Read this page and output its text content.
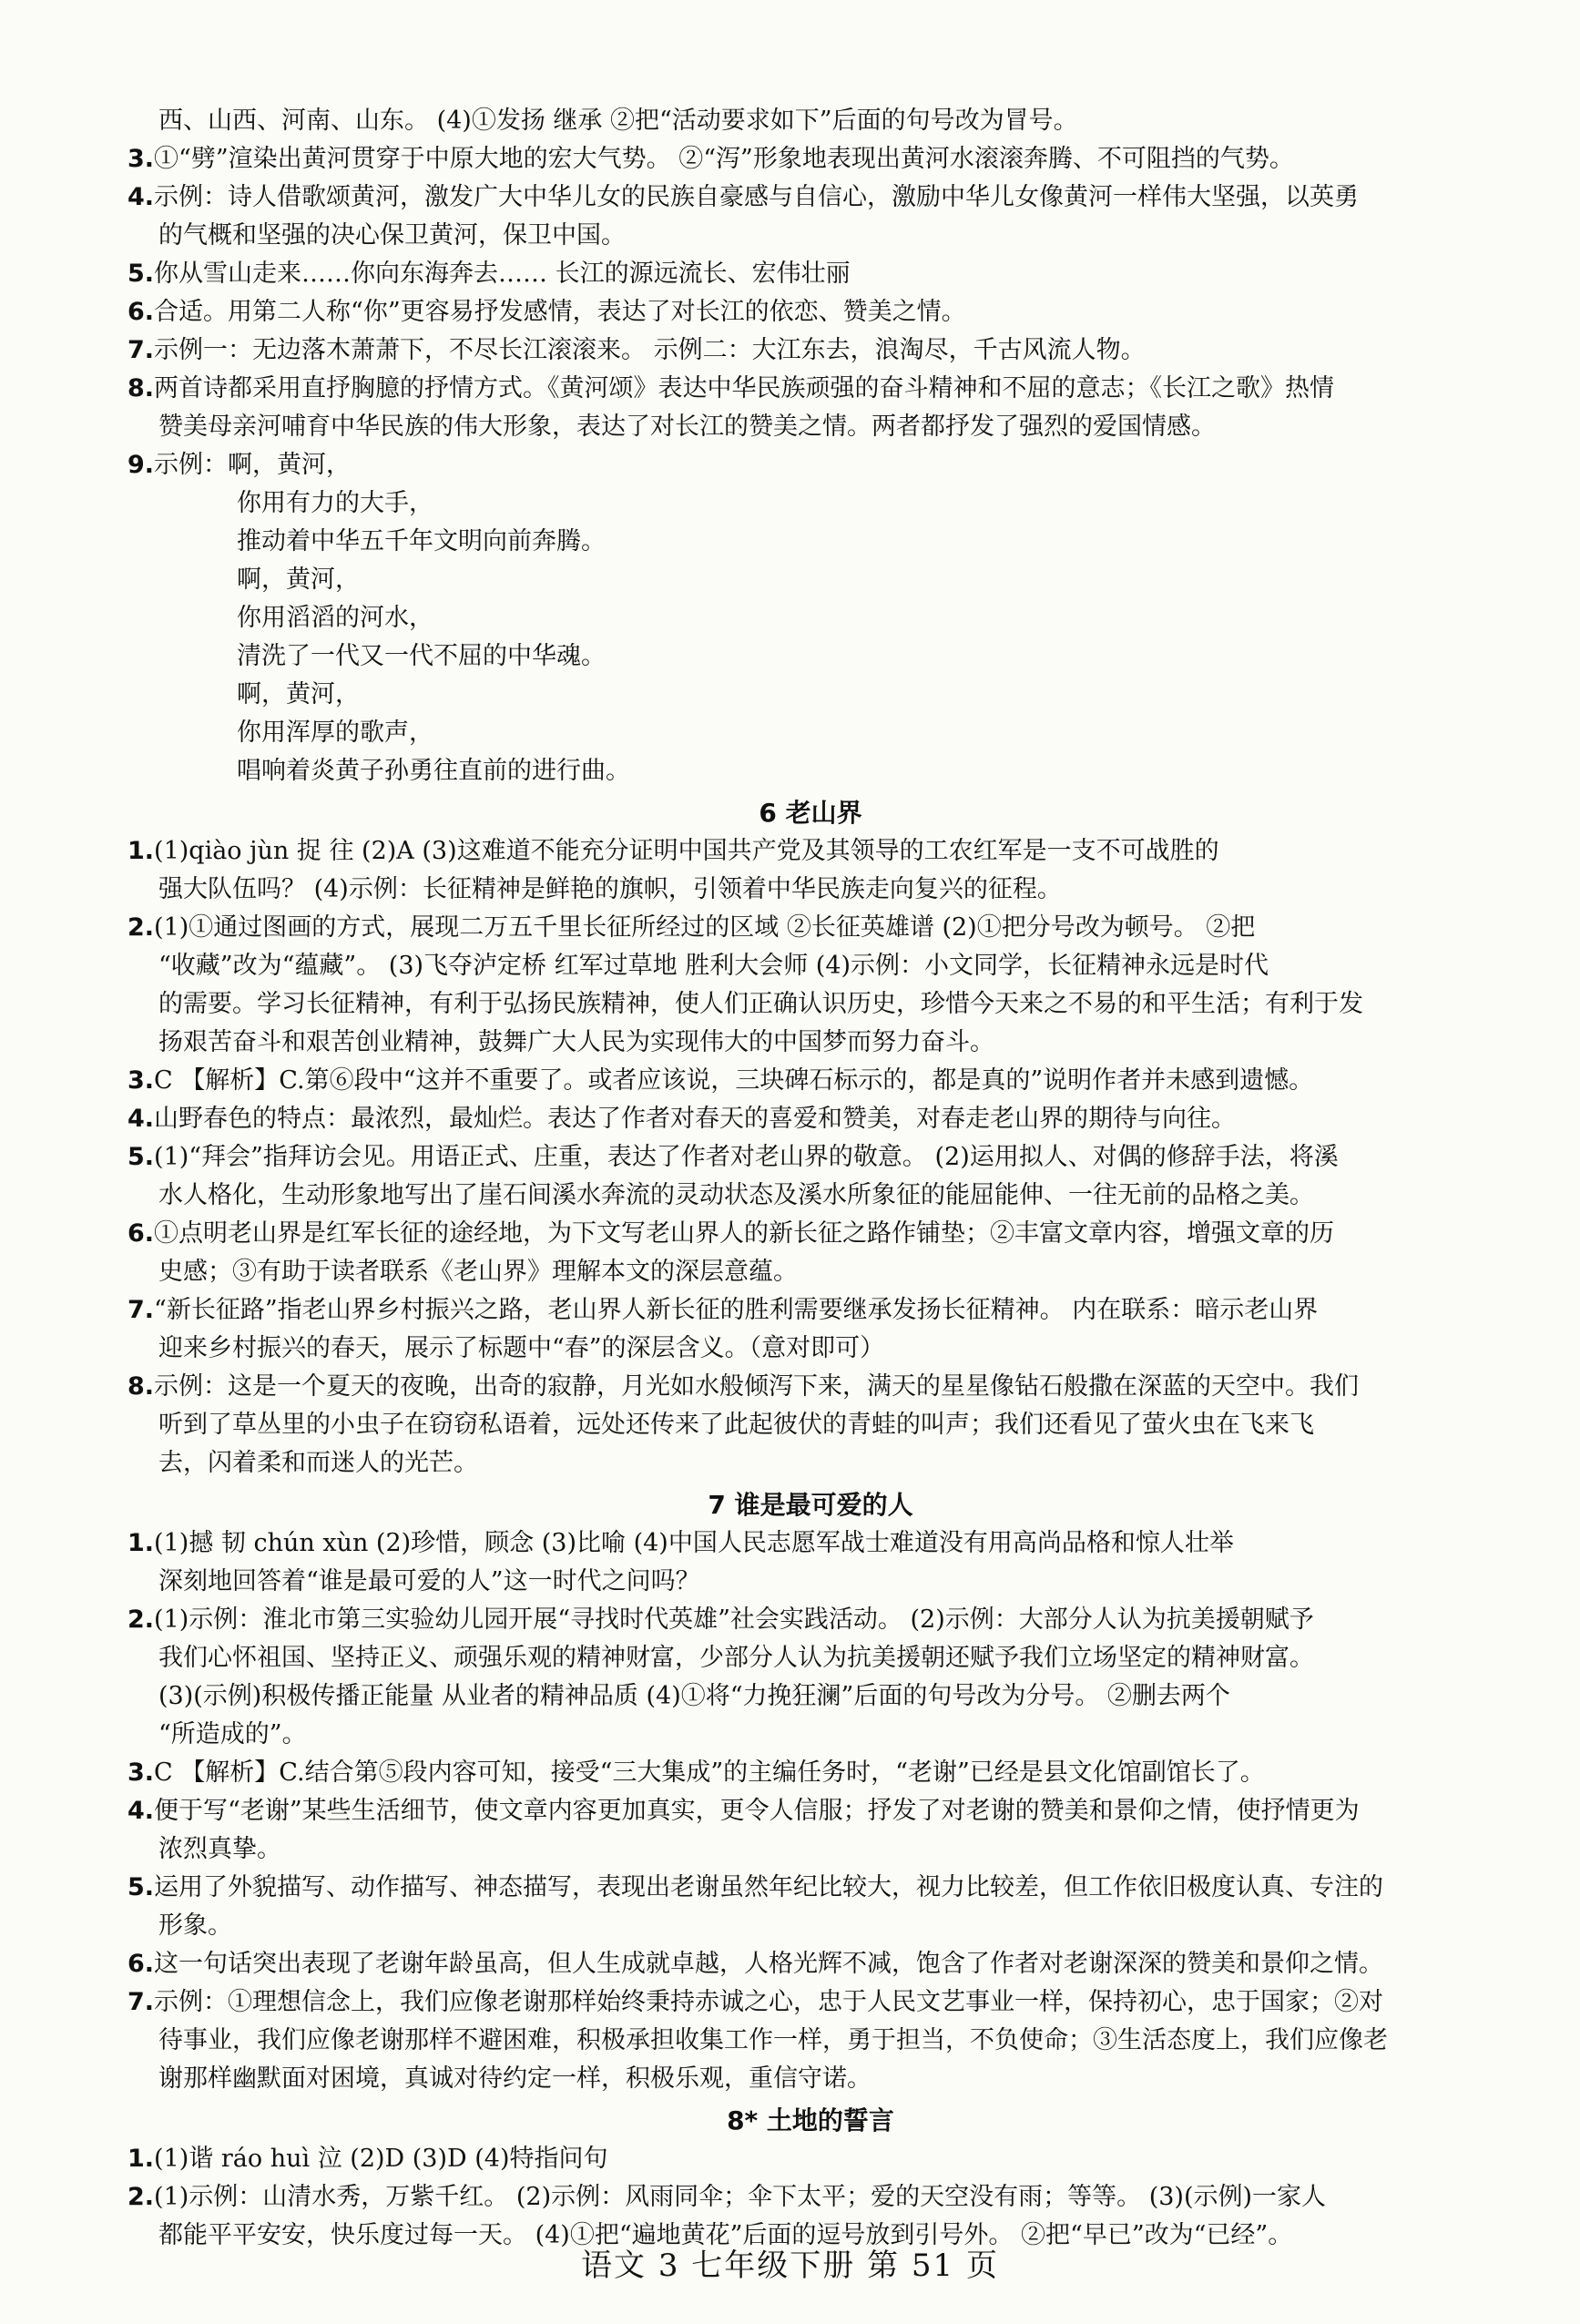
西、山西、河南、山东。 (4)①发扬 继承 ②把“活动要求如下”后面的句号改为冒号。
3.①“劈”渲染出黄河贯穿于中原大地的宏大气势。 ②“泻”形象地表现出黄河水滚滚奔腾、不可阻挡的气势。
4.示例：诗人借歌颂黄河，激发广大中华儿女的民族自豪感与自信心，激励中华儿女像黄河一样伟大坚强，以英勇
的气概和坚强的决心保卫黄河，保卫中国。
5.你从雪山走来……你向东海奔去…… 长江的源远流长、宏伟壮丽
6.合适。用第二人称“你”更容易抒发感情，表达了对长江的依恋、赞美之情。
7.示例一：无边落木萧萧下，不尽长江滚滚来。 示例二：大江东去，浪淘尽，千古风流人物。
8.两首诗都采用直抒胸臆的抒情方式。《黄河颂》表达中华民族顽强的奋斗精神和不屈的意志；《长江之歌》热情
赞美母亲河哺育中华民族的伟大形象，表达了对长江的赞美之情。两者都抒发了强烈的爱国情感。
9.示例：啊，黄河，
你用有力的大手，
推动着中华五千年文明向前奔腾。
啊，黄河，
你用滔滔的河水，
清洗了一代又一代不屈的中华魂。
啊，黄河，
你用浑厚的歌声，
唱响着炎黄子孙勇往直前的进行曲。
6 老山界
1.(1)qiào jùn 捉 往 (2)A (3)这难道不能充分证明中国共产党及其领导的工农红军是一支不可战胜的
强大队伍吗？ (4)示例：长征精神是鲜艳的旗帜，引领着中华民族走向复兴的征程。
2.(1)①通过图画的方式，展现二万五千里长征所经过的区域 ②长征英雄谱 (2)①把分号改为顿号。 ②把
“收藏”改为“蕴藏”。 (3)飞夺泸定桥 红军过草地 胜利大会师 (4)示例：小文同学，长征精神永远是时代
的需要。学习长征精神，有利于弘扬民族精神，使人们正确认识历史，珍惜今天来之不易的和平生活；有利于发
扬艰苦奋斗和艰苦创业精神，鼓舞广大人民为实现伟大的中国梦而努力奋斗。
3.C 【解析】C.第⑥段中“这并不重要了。或者应该说，三块碑石标示的，都是真的”说明作者并未感到遗憾。
4.山野春色的特点：最浓烈，最灿烂。表达了作者对春天的喜爱和赞美，对春走老山界的期待与向往。
5.(1)“拜会”指拜访会见。用语正式、庄重，表达了作者对老山界的敬意。 (2)运用拟人、对偶的修辞手法，将溪
水人格化，生动形象地写出了崖石间溪水奔流的灵动状态及溪水所象征的能屈能伸、一往无前的品格之美。
6.①点明老山界是红军长征的途经地，为下文写老山界人的新长征之路作铺垫；②丰富文章内容，增强文章的历
史感；③有助于读者联系《老山界》理解本文的深层意蕴。
7.“新长征路”指老山界乡村振兴之路，老山界人新长征的胜利需要继承发扬长征精神。 内在联系：暗示老山界
迎来乡村振兴的春天，展示了标题中“春”的深层含义。（意对即可）
8.示例：这是一个夏天的夜晚，出奇的寂静，月光如水般倾泻下来，满天的星星像钻石般撒在深蓝的天空中。我们
听到了草丛里的小虫子在窃窃私语着，远处还传来了此起彼伏的青蛙的叫声；我们还看见了萤火虫在飞来飞
去，闪着柔和而迷人的光芒。
7 谁是最可爱的人
1.(1)撼 韧 chún xùn (2)珍惜，顾念 (3)比喻 (4)中国人民志愿军战士难道没有用高尚品格和惊人壮举
深刻地回答着“谁是最可爱的人”这一时代之问吗？
2.(1)示例：淮北市第三实验幼儿园开展“寻找时代英雄”社会实践活动。 (2)示例：大部分人认为抗美援朝赋予
我们心怀祖国、坚持正义、顽强乐观的精神财富，少部分人认为抗美援朝还赋予我们立场坚定的精神财富。
(3)(示例)积极传播正能量 从业者的精神品质 (4)①将“力挽狂澜”后面的句号改为分号。 ②删去两个
“所造成的”。
3.C 【解析】C.结合第⑤段内容可知，接受“三大集成”的主编任务时，“老谢”已经是县文化馆副馆长了。
4.便于写“老谢”某些生活细节，使文章内容更加真实，更令人信服；抒发了对老谢的赞美和景仰之情，使抒情更为
浓烈真挚。
5.运用了外貌描写、动作描写、神态描写，表现出老谢虽然年纪比较大，视力比较差，但工作依旧极度认真、专注的
形象。
6.这一句话突出表现了老谢年龄虽高，但人生成就卓越，人格光辉不减，饱含了作者对老谢深深的赞美和景仰之情。
7.示例：①理想信念上，我们应像老谢那样始终秉持赤诚之心，忠于人民文艺事业一样，保持初心，忠于国家；②对
待事业，我们应像老谢那样不避困难，积极承担收集工作一样，勇于担当，不负使命；③生活态度上，我们应像老
谢那样幽默面对困境，真诚对待约定一样，积极乐观，重信守诺。
8* 土地的誓言
1.(1)谐 ráo huì 泣 (2)D (3)D (4)特指问句
2.(1)示例：山清水秀，万紫千红。 (2)示例：风雨同伞；伞下太平；爱的天空没有雨；等等。 (3)(示例)一家人
都能平平安安，快乐度过每一天。 (4)①把“遍地黄花”后面的逗号放到引号外。 ②把“早已”改为“已经”。
语文 3 七年级下册 第 51 页
